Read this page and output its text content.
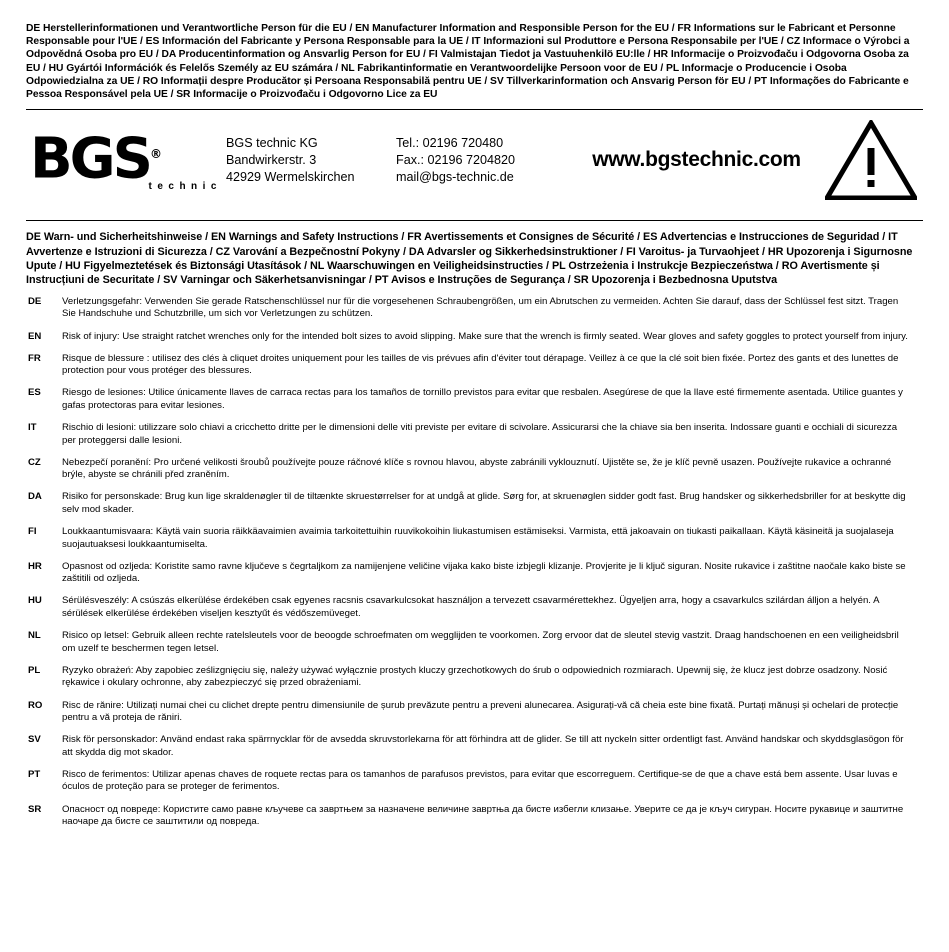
DE Herstellerinformationen und Verantwortliche Person für die EU / EN Manufacturer Information and Responsible Person for the EU / FR Informations sur le Fabricant et Personne Responsable pour l'UE / ES Información del Fabricante y Persona Responsable para la UE / IT Informazioni sul Produttore e Persona Responsabile per l'UE / CZ Informace o Výrobci a Odpovědná Osoba pro EU / DA Producentinformation og Ansvarlig Person for EU / FI Valmistajan Tiedot ja Vastuuhenkilö EU:lle / HR Informacije o Proizvođaču i Odgovorna Osoba za EU / HU Gyártói Információk és Felelős Személy az EU számára / NL Fabrikantinformatie en Verantwoordelijke Persoon voor de EU / PL Informacje o Producencie i Osoba Odpowiedzialna za UE / RO Informații despre Producător și Persoana Responsabilă pentru UE / SV Tillverkarinformation och Ansvarig Person för EU / PT Informações do Fabricante e Pessoa Responsável pela UE / SR Informacije o Proizvođaču i Odgovorno Lice za EU
BGS®
technic
BGS technic KG
Bandwirkerstr. 3
42929 Wermelskirchen
Tel.: 02196 720480
Fax.: 02196 7204820
mail@bgs-technic.de
www.bgstechnic.com
DE Warn- und Sicherheitshinweise / EN Warnings and Safety Instructions / FR Avertissements et Consignes de Sécurité / ES Advertencias e Instrucciones de Seguridad / IT Avvertenze e Istruzioni di Sicurezza / CZ Varování a Bezpečnostní Pokyny / DA Advarsler og Sikkerhedsinstruktioner / FI Varoitus- ja Turvaohjeet / HR Upozorenja i Sigurnosne Upute / HU Figyelmeztetések és Biztonsági Utasítások / NL Waarschuwingen en Veiligheidsinstructies / PL Ostrzeżenia i Instrukcje Bezpieczeństwa / RO Avertismente și Instrucțiuni de Securitate / SV Varningar och Säkerhetsanvisningar / PT Avisos e Instruções de Segurança / SR Upozorenja i Bezbednosna Uputstva
DE	Verletzungsgefahr: Verwenden Sie gerade Ratschenschlüssel nur für die vorgesehenen Schraubengrößen, um ein Abrutschen zu vermeiden. Achten Sie darauf, dass der Schlüssel fest sitzt. Tragen Sie Handschuhe und Schutzbrille, um sich vor Verletzungen zu schützen.
EN	Risk of injury: Use straight ratchet wrenches only for the intended bolt sizes to avoid slipping. Make sure that the wrench is firmly seated. Wear gloves and safety goggles to protect yourself from injury.
FR	Risque de blessure : utilisez des clés à cliquet droites uniquement pour les tailles de vis prévues afin d'éviter tout dérapage. Veillez à ce que la clé soit bien fixée. Portez des gants et des lunettes de protection pour vous protéger des blessures.
ES	Riesgo de lesiones: Utilice únicamente llaves de carraca rectas para los tamaños de tornillo previstos para evitar que resbalen. Asegúrese de que la llave esté firmemente asentada. Utilice guantes y gafas protectoras para evitar lesiones.
IT	Rischio di lesioni: utilizzare solo chiavi a cricchetto dritte per le dimensioni delle viti previste per evitare di scivolare. Assicurarsi che la chiave sia ben inserita. Indossare guanti e occhiali di sicurezza per proteggersi dalle lesioni.
CZ	Nebezpečí poranění: Pro určené velikosti šroubů používejte pouze ráčnové klíče s rovnou hlavou, abyste zabránili vyklouznutí. Ujistěte se, že je klíč pevně usazen. Používejte rukavice a ochranné brýle, abyste se chránili před zraněním.
DA	Risiko for personskade: Brug kun lige skraldenøgler til de tiltænkte skruestørrelser for at undgå at glide. Sørg for, at skruenøglen sidder godt fast. Brug handsker og sikkerhedsbriller for at beskytte dig selv mod skader.
FI	Loukkaantumisvaara: Käytä vain suoria räikkäavaimien avaimia tarkoitettuihin ruuvikokoihin liukastumisen estämiseksi. Varmista, että jakoavain on tiukasti paikallaan. Käytä käsineitä ja suojalaseja suojautuaksesi loukkaantumiselta.
HR	Opasnost od ozljeda: Koristite samo ravne ključeve s čegrtaljkom za namijenjene veličine vijaka kako biste izbjegli klizanje. Provjerite je li ključ siguran. Nosite rukavice i zaštitne naočale kako biste se zaštitili od ozljeda.
HU	Sérülésveszély: A csúszás elkerülése érdekében csak egyenes racsnis csavarkulcsokat használjon a tervezett csavarmérettekhez. Ügyeljen arra, hogy a csavarkulcs szilárdan álljon a helyén. A sérülések elkerülése érdekében viseljen kesztyűt és védőszemüveget.
NL	Risico op letsel: Gebruik alleen rechte ratelsleutels voor de beoogde schroefmaten om wegglijden te voorkomen. Zorg ervoor dat de sleutel stevig vastzit. Draag handschoenen en een veiligheidsbril om uzelf te beschermen tegen letsel.
PL	Ryzyko obrażeń: Aby zapobiec ześlizgnięciu się, należy używać wyłącznie prostych kluczy grzechotkowych do śrub o odpowiednich rozmiarach. Upewnij się, że klucz jest dobrze osadzony. Nosić rękawice i okulary ochronne, aby zabezpieczyć się przed obrażeniami.
RO	Risc de rănire: Utilizați numai chei cu clichet drepte pentru dimensiunile de șurub prevăzute pentru a preveni alunecarea. Asigurați-vă că cheia este bine fixată. Purtați mănuși și ochelari de protecție pentru a vă proteja de răniri.
SV	Risk för personskador: Använd endast raka spärrnycklar för de avsedda skruvstorlekarna för att förhindra att de glider. Se till att nyckeln sitter ordentligt fast. Använd handskar och skyddsglasögon för att skydda dig mot skador.
PT	Risco de ferimentos: Utilizar apenas chaves de roquete rectas para os tamanhos de parafusos previstos, para evitar que escorreguem. Certifique-se de que a chave está bem assente. Usar luvas e óculos de proteção para se proteger de ferimentos.
SR	Опасност од повреде: Користите само равне кључеве са завртњем за назначене величине завртња да бисте избегли клизање. Уверите се да је кључ сигуран. Носите рукавице и заштитне наочаре да бисте се заштитили од повреда.
